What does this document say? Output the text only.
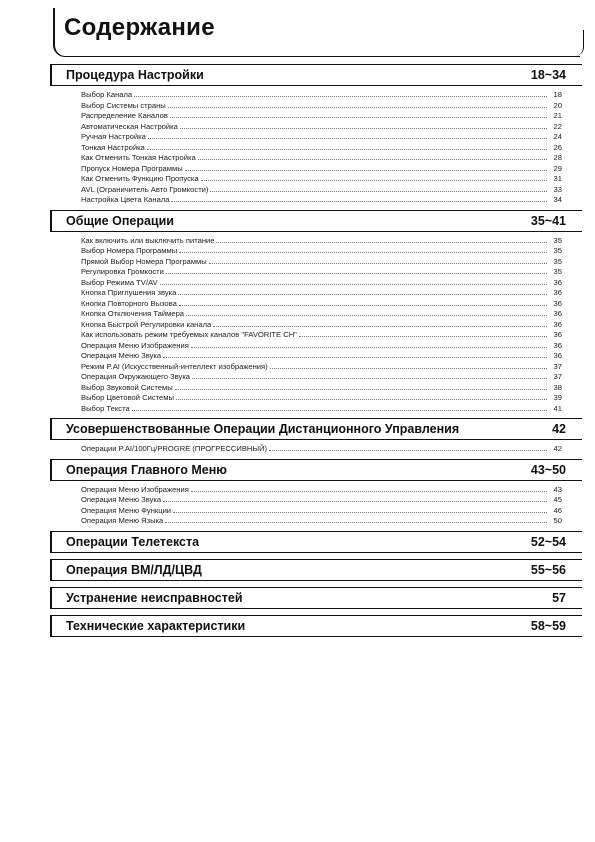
Содержание
Процедура Настройки	18~34
Выбор Канала	18
Выбор Системы страны	20
Распределение Каналов	21
Автоматическая Настройка	22
Ручная Настройка	24
Тонкая Настройка	26
Как Отменить Тонкая Настройка	28
Пропуск Номера Программы	29
Как Отменить Функцию Пропуска	31
AVL (Ограничитель Авто Громкости)	33
Настройка Цвета Канала	34
Общие Операции	35~41
Как включить или выключить питание	35
Выбор Номера Программы	35
Прямой Выбор Номера Программы	35
Регулировка Громкости	35
Выбор Режима TV/AV	36
Кнопка Приглушения звука	36
Кнопка Повторного Вызова	36
Кнопка Отключения Таймера	36
Кнопка Быстрой Регулировки канала	36
Как использовать режим требуемых каналов "FAVORITE CH"	36
Операция Меню Изображения	36
Операция Меню Звука	36
Режим P.AI (Искусственный-интеллект изображения)	37
Операция Окружающего Звука	37
Выбор Звуковой Системы	38
Выбор Цветовой Системы	39
Выбор Текста	41
Усовершенствованные Операции Дистанционного Управления	42
Операции P.AI/100Гц/PROGRE (ПРОГРЕССИВНЫЙ)	42
Операция Главного Меню	43~50
Операция Меню Изображения	43
Операция Меню Звука	45
Операция Меню Функции	46
Операция Меню Языка	50
Операции Телетекста	52~54
Операция ВМ/ЛД/ЦВД	55~56
Устранение неисправностей	57
Технические характеристики	58~59
